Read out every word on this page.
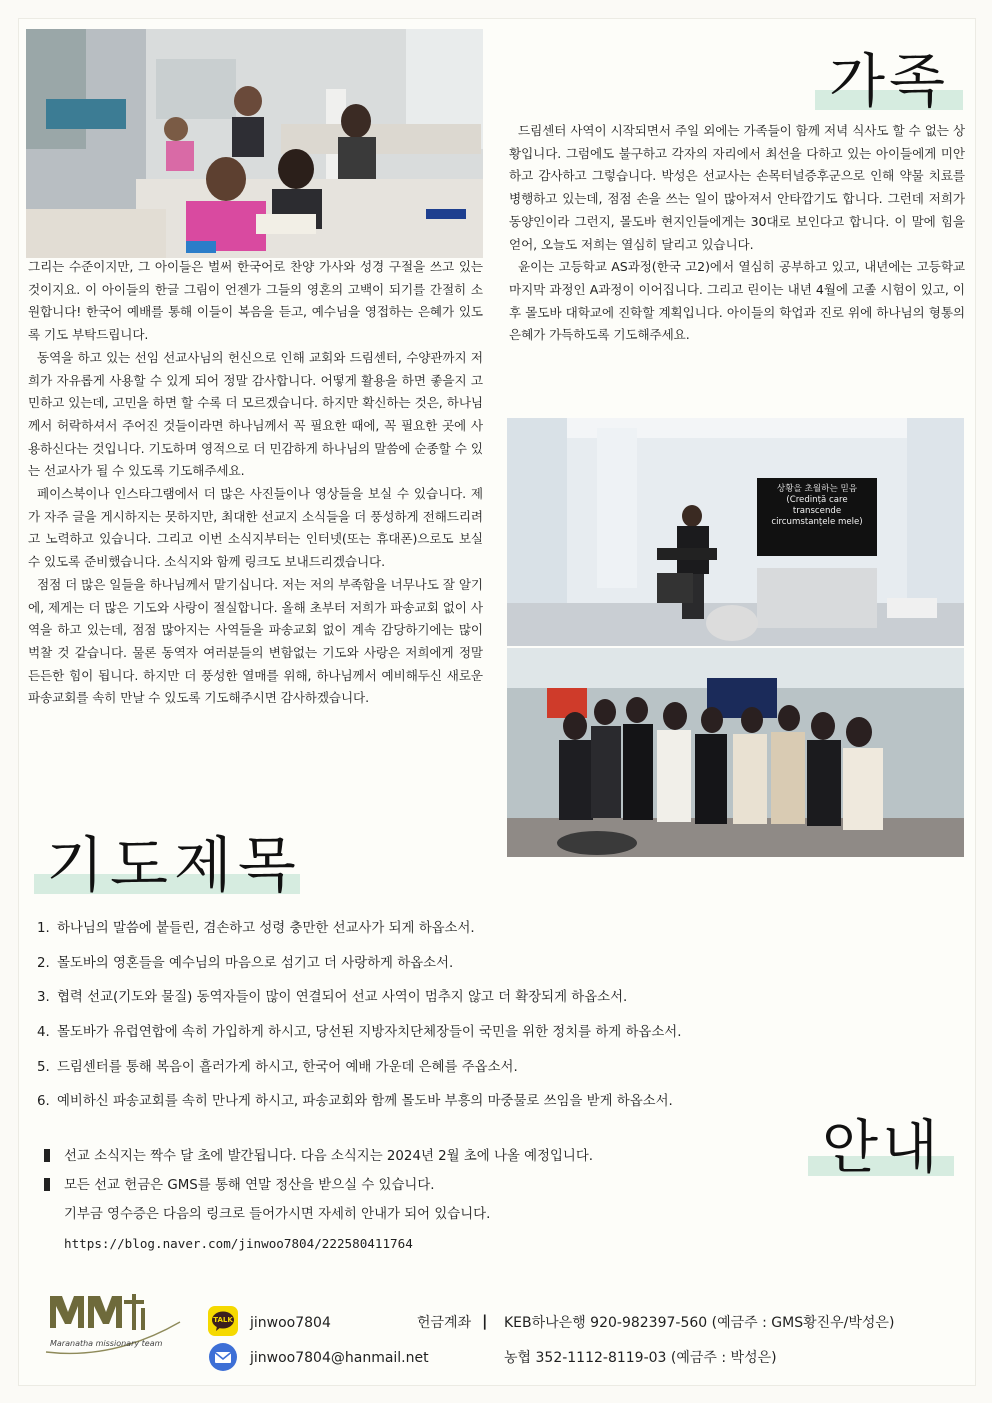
상황을 초월하는 믿음
(Credință care
transcende
circumstanțele mele)
가족
기도제목
안내

그리는 수준이지만, 그 아이들은 벌써 한국어로 찬양 가사와 성경 구절을 쓰고 있는 것이지요. 이 아이들의 한글 그림이 언젠가 그들의 영혼의 고백이 되기를 간절히 소원합니다! 한국어 예배를 통해 이들이 복음을 듣고, 예수님을 영접하는 은혜가 있도록 기도 부탁드립니다.

동역을 하고 있는 선임 선교사님의 헌신으로 인해 교회와 드림센터, 수양관까지 저희가 자유롭게 사용할 수 있게 되어 정말 감사합니다. 어떻게 활용을 하면 좋을지 고민하고 있는데, 고민을 하면 할 수록 더 모르겠습니다. 하지만 확신하는 것은, 하나님께서 허락하셔서 주어진 것들이라면 하나님께서 꼭 필요한 때에, 꼭 필요한 곳에 사용하신다는 것입니다. 기도하며 영적으로 더 민감하게 하나님의 말씀에 순종할 수 있는 선교사가 될 수 있도록 기도해주세요.

페이스북이나 인스타그램에서 더 많은 사진들이나 영상들을 보실 수 있습니다. 제가 자주 글을 게시하지는 못하지만, 최대한 선교지 소식들을 더 풍성하게 전해드리려고 노력하고 있습니다. 그리고 이번 소식지부터는 인터넷(또는 휴대폰)으로도 보실 수 있도록 준비했습니다. 소식지와 함께 링크도 보내드리겠습니다.

점점 더 많은 일들을 하나님께서 맡기십니다. 저는 저의 부족함을 너무나도 잘 알기에, 제게는 더 많은 기도와 사랑이 절실합니다. 올해 초부터 저희가 파송교회 없이 사역을 하고 있는데, 점점 많아지는 사역들을 파송교회 없이 계속 감당하기에는 많이 벅찰 것 같습니다. 물론 동역자 여러분들의 변함없는 기도와 사랑은 저희에게 정말 든든한 힘이 됩니다. 하지만 더 풍성한 열매를 위해, 하나님께서 예비해두신 새로운 파송교회를 속히 만날 수 있도록 기도해주시면 감사하겠습니다.

드림센터 사역이 시작되면서 주일 외에는 가족들이 함께 저녁 식사도 할 수 없는 상황입니다. 그럼에도 불구하고 각자의 자리에서 최선을 다하고 있는 아이들에게 미안하고 감사하고 그렇습니다. 박성은 선교사는 손목터널증후군으로 인해 약물 치료를 병행하고 있는데, 점점 손을 쓰는 일이 많아져서 안타깝기도 합니다. 그런데 저희가 동양인이라 그런지, 몰도바 현지인들에게는 30대로 보인다고 합니다. 이 말에 힘을 얻어, 오늘도 저희는 열심히 달리고 있습니다.

윤이는 고등학교 AS과정(한국 고2)에서 열심히 공부하고 있고, 내년에는 고등학교 마지막 과정인 A과정이 이어집니다. 그리고 린이는 내년 4월에 고졸 시험이 있고, 이후 몰도바 대학교에 진학할 계획입니다. 아이들의 학업과 진로 위에 하나님의 형통의 은혜가 가득하도록 기도해주세요.

1. 하나님의 말씀에 붙들린, 겸손하고 성령 충만한 선교사가 되게 하옵소서.
2. 몰도바의 영혼들을 예수님의 마음으로 섬기고 더 사랑하게 하옵소서.
3. 협력 선교(기도와 물질) 동역자들이 많이 연결되어 선교 사역이 멈추지 않고 더 확장되게 하옵소서.
4. 몰도바가 유럽연합에 속히 가입하게 하시고, 당선된 지방자치단체장들이 국민을 위한 정치를 하게 하옵소서.
5. 드림센터를 통해 복음이 흘러가게 하시고, 한국어 예배 가운데 은혜를 주옵소서.
6. 예비하신 파송교회를 속히 만나게 하시고, 파송교회와 함께 몰도바 부흥의 마중물로 쓰임을 받게 하옵소서.
선교 소식지는 짝수 달 초에 발간됩니다. 다음 소식지는 2024년 2월 초에 나올 예정입니다.
모든 선교 헌금은 GMS를 통해 연말 정산을 받으실 수 있습니다.
기부금 영수증은 다음의 링크로 들어가시면 자세히 안내가 되어 있습니다.
https://blog.naver.com/jinwoo7804/222580411764
Maranatha missionary team
TALK	jinwoo7804
jinwoo7804@hanmail.net
헌금계좌 | KEB하나은행 920-982397-560 (예금주 : GMS황진우/박성은)
농협 352-1112-8119-03 (예금주 : 박성은)
